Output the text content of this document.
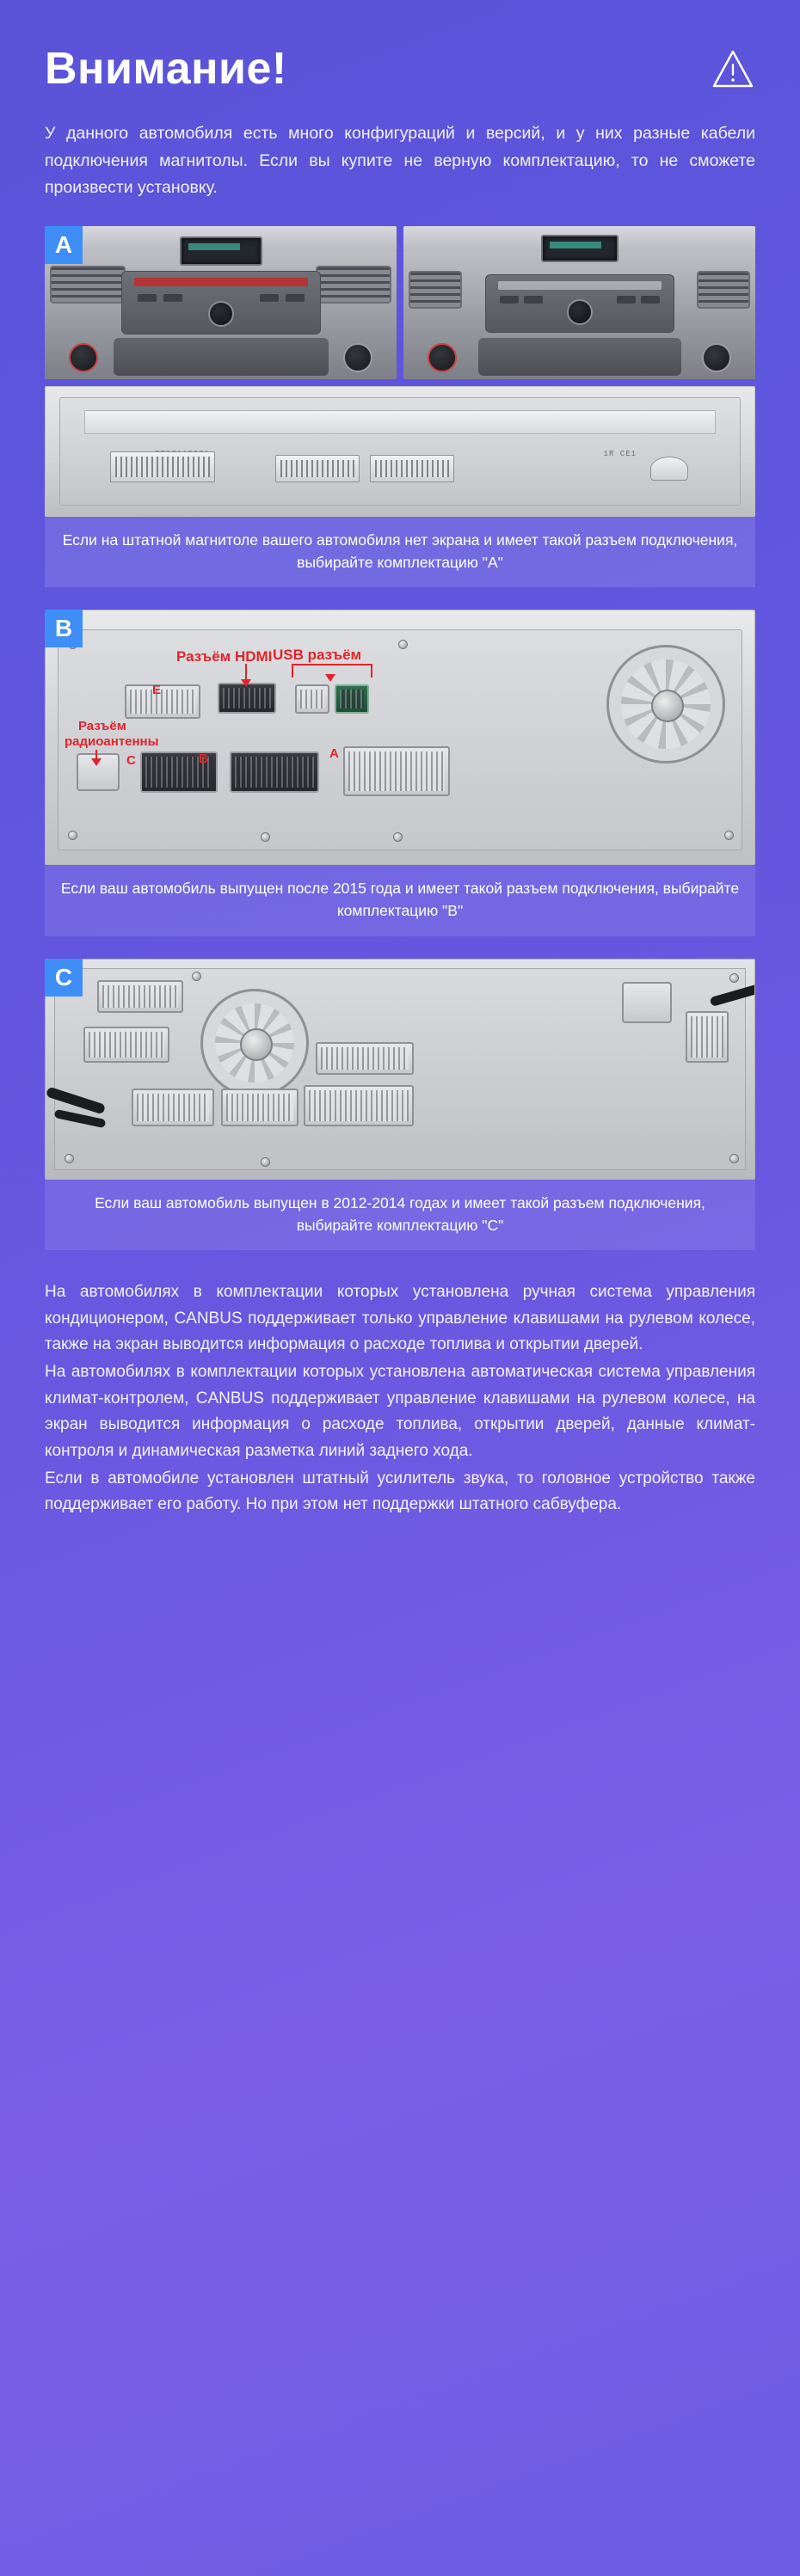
Внимание!
У данного автомобиля есть много конфигураций и версий, и у них разные кабели подключения магнитолы. Если вы купите не верную комплектацию, то не сможете произвести установку.
A
1R CE1
Если на штатной магнитоле вашего автомобиля нет экрана и имеет такой разъем подключения, выбирайте комплектацию "A"
B
Разъём HDMI USB разъём
Разъём
радиоантенны
E
A
B
C
Если ваш автомобиль выпущен после 2015 года и имеет такой разъем подключения, выбирайте комплектацию "B"
C
Если ваш автомобиль выпущен в 2012-2014 годах и имеет такой разъем подключения, выбирайте комплектацию "C"

На автомобилях в комплектации которых установлена ручная система управления кондиционером, CANBUS поддерживает только управление клавишами на рулевом колесе, также на экран выводится информация о расходе топлива и открытии дверей.

На автомобилях в комплектации которых установлена автоматическая система управления климат-контролем, CANBUS поддерживает управление клавишами на рулевом колесе, на экран выводится информация о расходе топлива, открытии дверей, данные климат-контроля и динамическая разметка линий заднего хода.

Если в автомобиле установлен штатный усилитель звука, то головное устройство также поддерживает его работу. Но при этом нет поддержки штатного сабвуфера.
